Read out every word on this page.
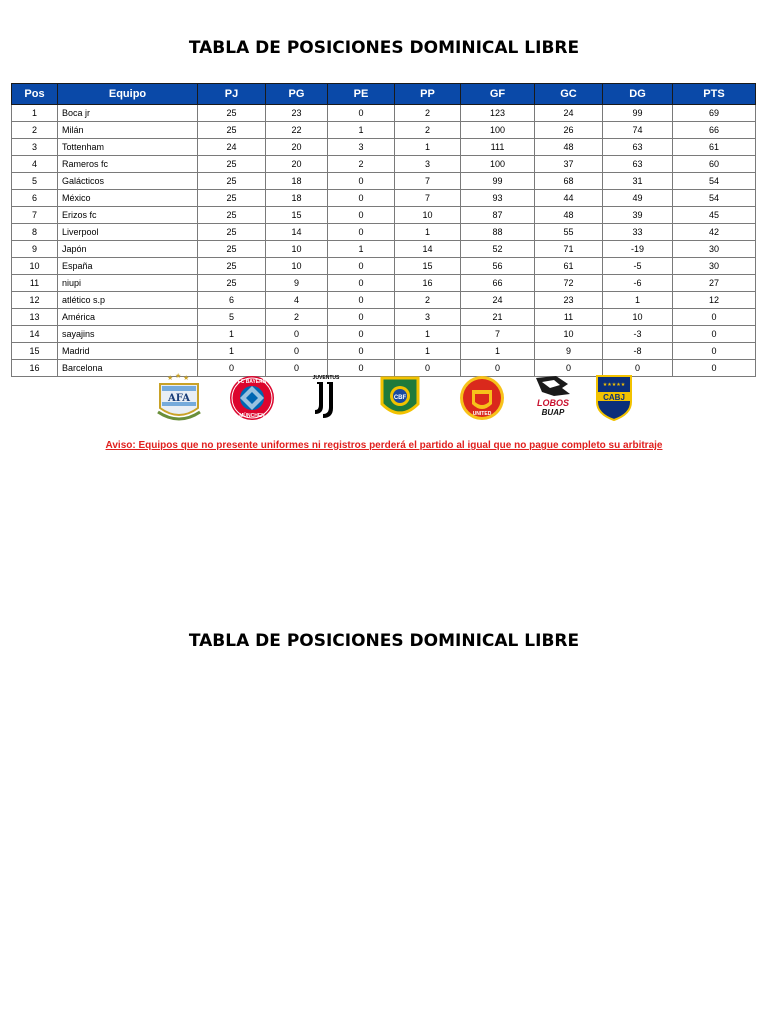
TABLA DE POSICIONES DOMINICAL LIBRE
Pos	Equipo	PJ	PG	PE	PP	GF	GC	DG	PTS
1	Boca jr	25	23	0	2	123	24	99	69
2	Milán	25	22	1	2	100	26	74	66
3	Tottenham	24	20	3	1	111	48	63	61
4	Rameros fc	25	20	2	3	100	37	63	60
5	Galácticos	25	18	0	7	99	68	31	54
6	México	25	18	0	7	93	44	49	54
7	Erizos fc	25	15	0	10	87	48	39	45
8	Liverpool	25	14	0	1	88	55	33	42
9	Japón	25	10	1	14	52	71	-19	30
10	España	25	10	0	15	56	61	-5	30
11	niupi	25	9	0	16	66	72	-6	27
12	atlético s.p	6	4	0	2	24	23	1	12
13	América	5	2	0	3	21	11	10	0
14	sayajins	1	0	0	1	7	10	-3	0
15	Madrid	1	0	0	1	1	9	-8	0
16	Barcelona	0	0	0	0	0	0	0	0
★ ★ ★
AFA
FC BAYERN
MÜNCHEN
JUVENTUS
CBF
UNITED
LOBOS
BUAP
CABJ
★★★★★
Aviso: Equipos que no presente uniformes ni registros perderá el partido al igual que no pague completo su arbitraje
TABLA DE POSICIONES DOMINICAL LIBRE
